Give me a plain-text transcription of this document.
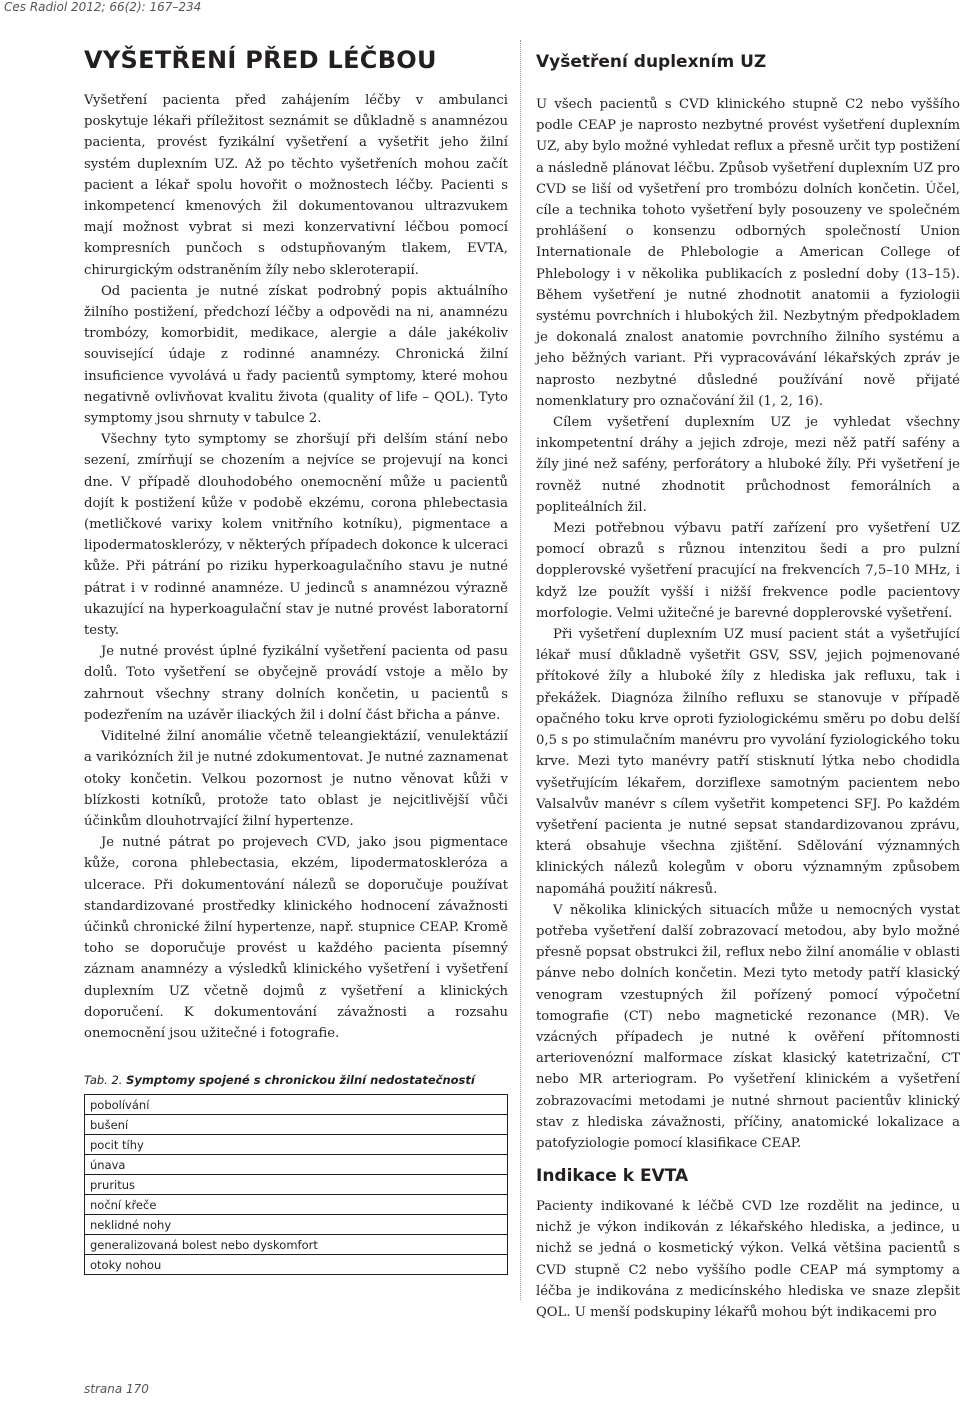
Ces Radiol 2012; 66(2): 167–234
VYŠETŘENÍ PŘED LÉČBOU

Vyšetření pacienta před zahájením léčby v ambulanci poskytuje lékaři příležitost seznámit se důkladně s anamnézou pacienta, provést fyzikální vyšetření a vyšetřit jeho žilní systém duplexním UZ. Až po těchto vyšetřeních mohou začít pacient a lékař spolu hovořit o možnostech léčby. Pacienti s inkompetencí kmenových žil dokumentovanou ultrazvukem mají možnost vybrat si mezi konzervativní léčbou pomocí kompresních punčoch s odstupňovaným tlakem, EVTA, chirurgickým odstraněním žíly nebo skleroterapií.

Od pacienta je nutné získat podrobný popis aktuálního žilního postižení, předchozí léčby a odpovědi na ni, anamnézu trombózy, komorbidit, medikace, alergie a dále jakékoliv související údaje z rodinné anamnézy. Chronická žilní insuficience vyvolává u řady pacientů symptomy, které mohou negativně ovlivňovat kvalitu života (quality of life – QOL). Tyto symptomy jsou shrnuty v tabulce 2.

Všechny tyto symptomy se zhoršují při delším stání nebo sezení, zmírňují se chozením a nejvíce se projevují na konci dne. V případě dlouhodobého onemocnění může u pacientů dojít k postižení kůže v podobě ekzému, corona phlebectasia (metličkové varixy kolem vnitřního kotníku), pigmentace a lipodermatosklerózy, v některých případech dokonce k ulceraci kůže. Při pátrání po riziku hyperkoagulačního stavu je nutné pátrat i v rodinné anamnéze. U jedinců s anamnézou výrazně ukazující na hyperkoagulační stav je nutné provést laboratorní testy.

Je nutné provést úplné fyzikální vyšetření pacienta od pasu dolů. Toto vyšetření se obyčejně provádí vstoje a mělo by zahrnout všechny strany dolních končetin, u pacientů s podezřením na uzávěr iliackých žil i dolní část břicha a pánve.

Viditelné žilní anomálie včetně teleangiektázií, venulektázií a varikózních žil je nutné zdokumentovat. Je nutné zaznamenat otoky končetin. Velkou pozornost je nutno věnovat kůži v blízkosti kotníků, protože tato oblast je nejcitlivější vůči účinkům dlouhotrvající žilní hypertenze.

Je nutné pátrat po projevech CVD, jako jsou pigmentace kůže, corona phlebectasia, ekzém, lipodermatoskleróza a ulcerace. Při dokumentování nálezů se doporučuje používat standardizované prostředky klinického hodnocení závažnosti účinků chronické žilní hypertenze, např. stupnice CEAP. Kromě toho se doporučuje provést u každého pacienta písemný záznam anamnézy a výsledků klinického vyšetření i vyšetření duplexním UZ včetně dojmů z vyšetření a klinických doporučení. K dokumentování závažnosti a rozsahu onemocnění jsou užitečné i fotografie.

Tab. 2. Symptomy spojené s chronickou žilní nedostatečností
pobolívání
bušení
pocit tíhy
únava
pruritus
noční křeče
neklidné nohy
generalizovaná bolest nebo dyskomfort
otoky nohou
Vyšetření duplexním UZ

U všech pacientů s CVD klinického stupně C2 nebo vyššího podle CEAP je naprosto nezbytné provést vyšetření duplexním UZ, aby bylo možné vyhledat reflux a přesně určit typ postižení a následně plánovat léčbu. Způsob vyšetření duplexním UZ pro CVD se liší od vyšetření pro trombózu dolních končetin. Účel, cíle a technika tohoto vyšetření byly posouzeny ve společném prohlášení o konsenzu odborných společností Union Internationale de Phlebologie a American College of Phlebology i v několika publikacích z poslední doby (13–15). Během vyšetření je nutné zhodnotit anatomii a fyziologii systému povrchních i hlubokých žil. Nezbytným předpokladem je dokonalá znalost anatomie povrchního žilního systému a jeho běžných variant. Při vypracovávání lékařských zpráv je naprosto nezbytné důsledné používání nově přijaté nomenklatury pro označování žil (1, 2, 16).

Cílem vyšetření duplexním UZ je vyhledat všechny inkompetentní dráhy a jejich zdroje, mezi něž patří safény a žíly jiné než safény, perforátory a hluboké žíly. Při vyšetření je rovněž nutné zhodnotit průchodnost femorálních a popliteálních žil.

Mezi potřebnou výbavu patří zařízení pro vyšetření UZ pomocí obrazů s různou intenzitou šedi a pro pulzní dopplerovské vyšetření pracující na frekvencích 7,5–10 MHz, i když lze použít vyšší i nižší frekvence podle pacientovy morfologie. Velmi užitečné je barevné dopplerovské vyšetření.

Při vyšetření duplexním UZ musí pacient stát a vyšetřující lékař musí důkladně vyšetřit GSV, SSV, jejich pojmenované přítokové žíly a hluboké žíly z hlediska jak refluxu, tak i překážek. Diagnóza žilního refluxu se stanovuje v případě opačného toku krve oproti fyziologickému směru po dobu delší 0,5 s po stimulačním manévru pro vyvolání fyziologického toku krve. Mezi tyto manévry patří stisknutí lýtka nebo chodidla vyšetřujícím lékařem, dorziflexe samotným pacientem nebo Valsalvův manévr s cílem vyšetřit kompetenci SFJ. Po každém vyšetření pacienta je nutné sepsat standardizovanou zprávu, která obsahuje všechna zjištění. Sdělování významných klinických nálezů kolegům v oboru významným způsobem napomáhá použití nákresů.

V několika klinických situacích může u nemocných vystat potřeba vyšetření další zobrazovací metodou, aby bylo možné přesně popsat obstrukci žil, reflux nebo žilní anomálie v oblasti pánve nebo dolních končetin. Mezi tyto metody patří klasický venogram vzestupných žil pořízený pomocí výpočetní tomografie (CT) nebo magnetické rezonance (MR). Ve vzácných případech je nutné k ověření přítomnosti arteriovenózní malformace získat klasický katetrizační, CT nebo MR arteriogram. Po vyšetření klinickém a vyšetření zobrazovacími metodami je nutné shrnout pacientův klinický stav z hlediska závažnosti, příčiny, anatomické lokalizace a patofyziologie pomocí klasifikace CEAP.

Indikace k EVTA

Pacienty indikované k léčbě CVD lze rozdělit na jedince, u nichž je výkon indikován z lékařského hlediska, a jedince, u nichž se jedná o kosmetický výkon. Velká většina pacientů s CVD stupně C2 nebo vyššího podle CEAP má symptomy a léčba je indikována z medicínského hlediska ve snaze zlepšit QOL. U menší podskupiny lékařů mohou být indikacemi pro

strana 170
